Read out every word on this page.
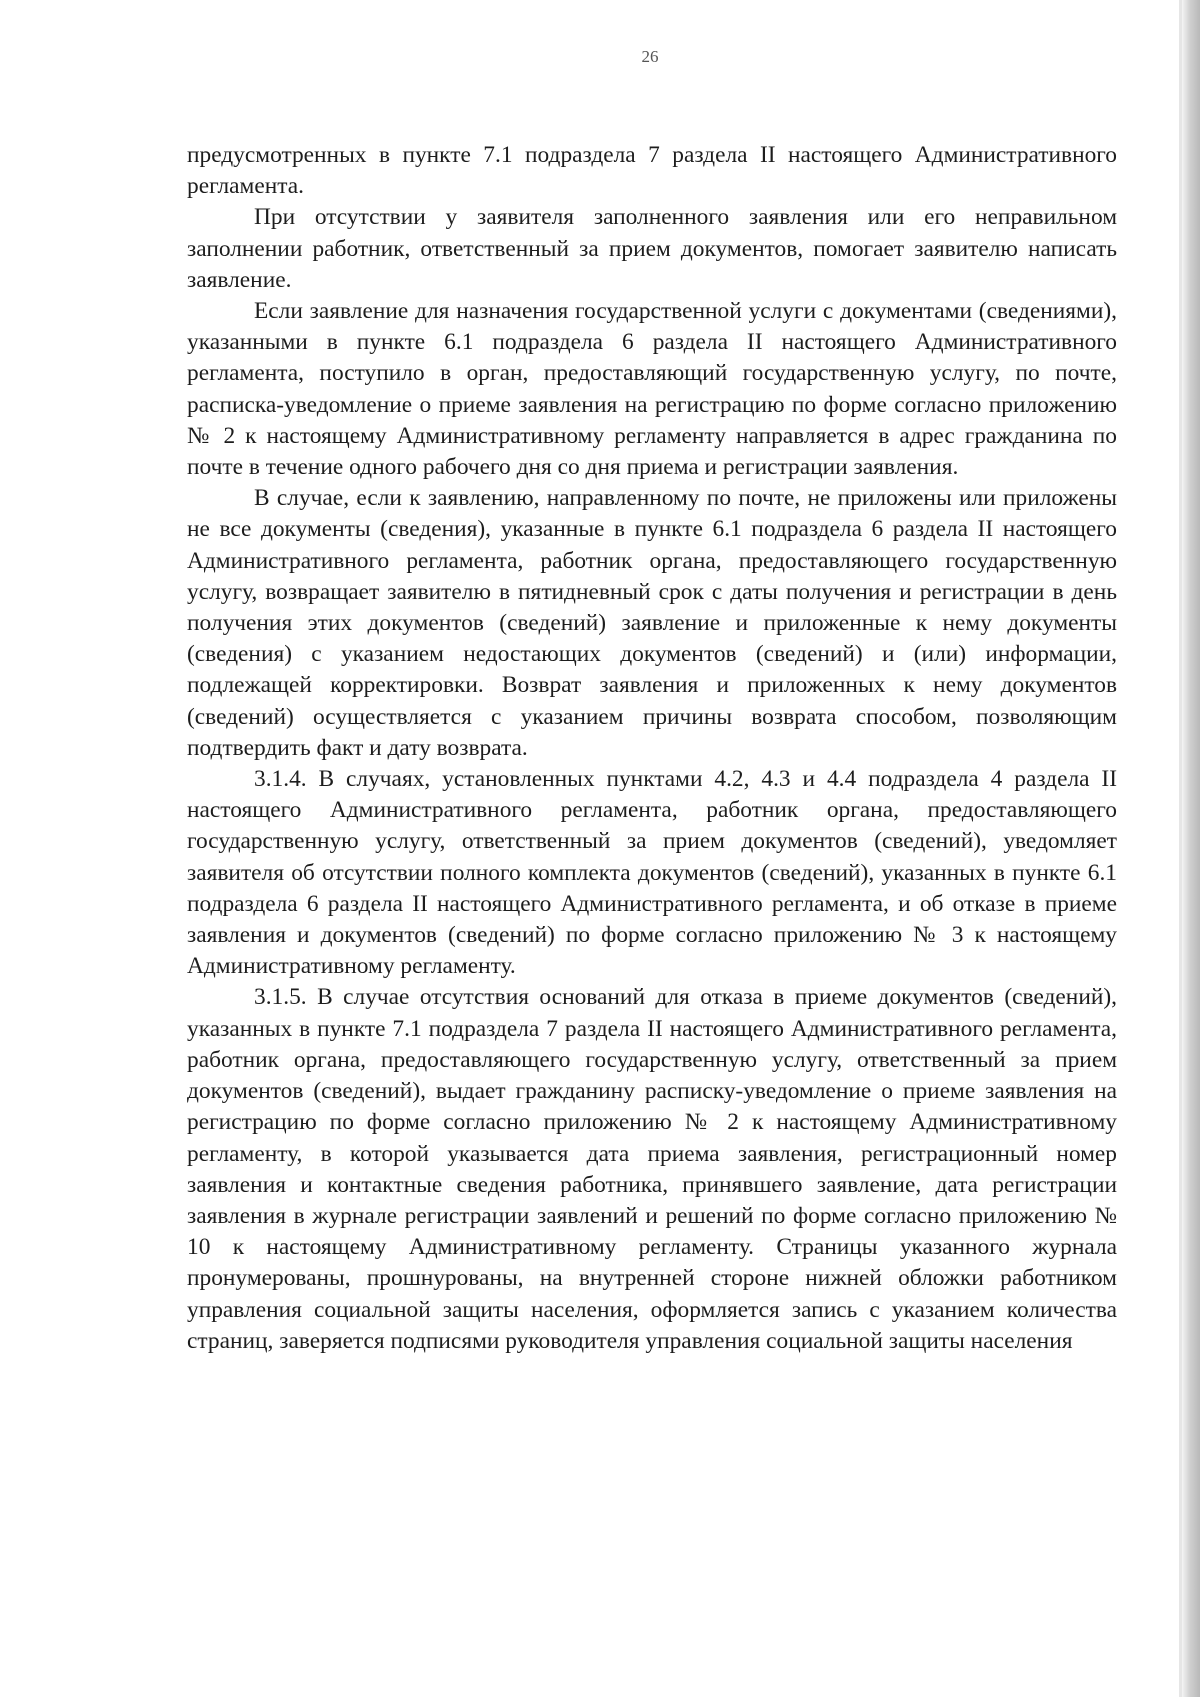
26

предусмотренных в пункте 7.1 подраздела 7 раздела II настоящего Административного регламента.

При отсутствии у заявителя заполненного заявления или его неправильном заполнении работник, ответственный за прием документов, помогает заявителю написать заявление.

Если заявление для назначения государственной услуги с документами (сведениями), указанными в пункте 6.1 подраздела 6 раздела II настоящего Административного регламента, поступило в орган, предоставляющий государственную услугу, по почте, расписка-уведомление о приеме заявления на регистрацию по форме согласно приложению № 2 к настоящему Административному регламенту направляется в адрес гражданина по почте в течение одного рабочего дня со дня приема и регистрации заявления.

В случае, если к заявлению, направленному по почте, не приложены или приложены не все документы (сведения), указанные в пункте 6.1 подраздела 6 раздела II настоящего Административного регламента, работник органа, предоставляющего государственную услугу, возвращает заявителю в пятидневный срок с даты получения и регистрации в день получения этих документов (сведений) заявление и приложенные к нему документы (сведения) с указанием недостающих документов (сведений) и (или) информации, подлежащей корректировки. Возврат заявления и приложенных к нему документов (сведений) осуществляется с указанием причины возврата способом, позволяющим подтвердить факт и дату возврата.

3.1.4. В случаях, установленных пунктами 4.2, 4.3 и 4.4 подраздела 4 раздела II настоящего Административного регламента, работник органа, предоставляющего государственную услугу, ответственный за прием документов (сведений), уведомляет заявителя об отсутствии полного комплекта документов (сведений), указанных в пункте 6.1 подраздела 6 раздела II настоящего Административного регламента, и об отказе в приеме заявления и документов (сведений) по форме согласно приложению № 3 к настоящему Административному регламенту.

3.1.5. В случае отсутствия оснований для отказа в приеме документов (сведений), указанных в пункте 7.1 подраздела 7 раздела II настоящего Административного регламента, работник органа, предоставляющего государственную услугу, ответственный за прием документов (сведений), выдает гражданину расписку-уведомление о приеме заявления на регистрацию по форме согласно приложению № 2 к настоящему Административному регламенту, в которой указывается дата приема заявления, регистрационный номер заявления и контактные сведения работника, принявшего заявление, дата регистрации заявления в журнале регистрации заявлений и решений по форме согласно приложению № 10 к настоящему Административному регламенту. Страницы указанного журнала пронумерованы, прошнурованы, на внутренней стороне нижней обложки работником управления социальной защиты населения, оформляется запись с указанием количества страниц, заверяется подписями руководителя управления социальной защиты населения
